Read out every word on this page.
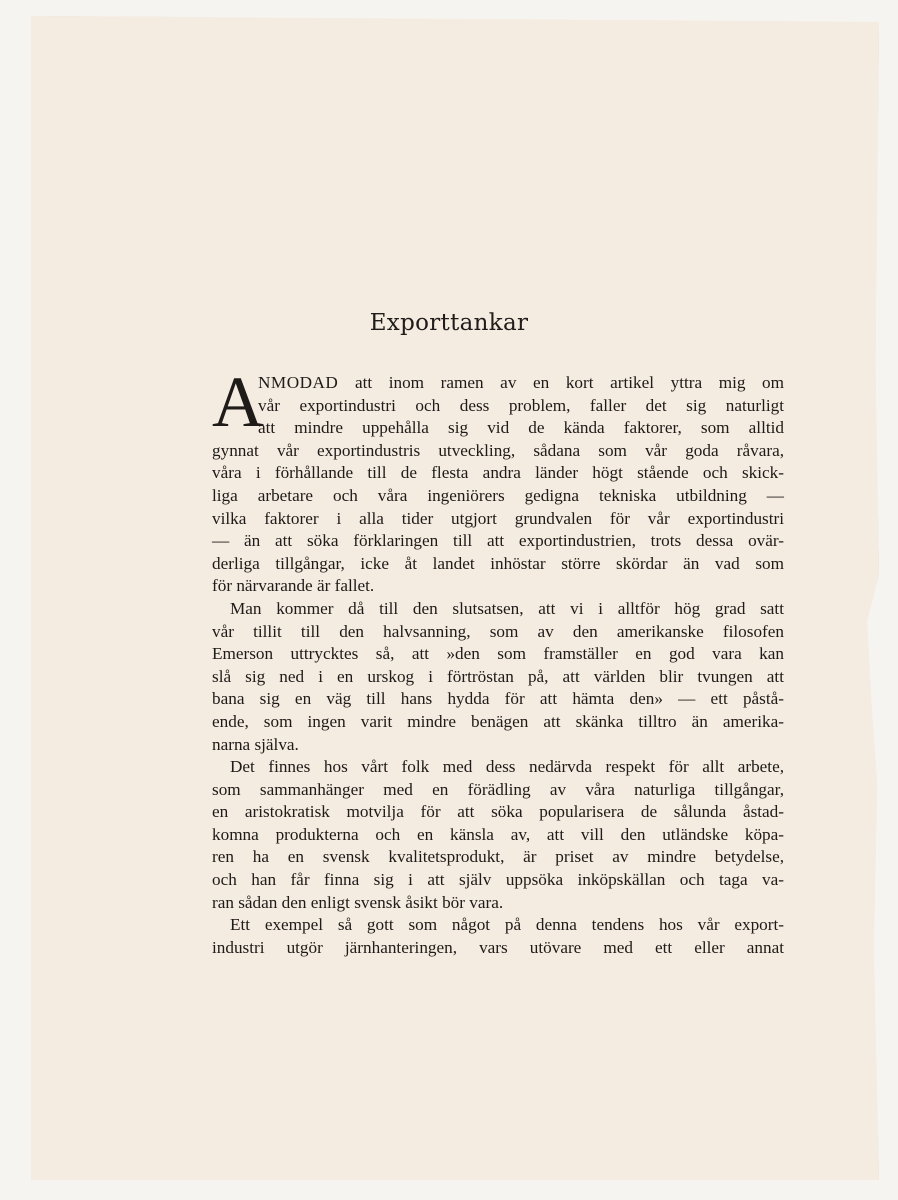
Exporttankar
A
NMODAD att inom ramen av en kort artikel yttra mig om
vår exportindustri och dess problem, faller det sig naturligt
att mindre uppehålla sig vid de kända faktorer, som alltid
gynnat vår exportindustris utveckling, sådana som vår goda råvara,
våra i förhållande till de flesta andra länder högt stående och skick-
liga arbetare och våra ingeniörers gedigna tekniska utbildning —
vilka faktorer i alla tider utgjort grundvalen för vår exportindustri
— än att söka förklaringen till att exportindustrien, trots dessa ovär-
derliga tillgångar, icke åt landet inhöstar större skördar än vad som
för närvarande är fallet.
Man kommer då till den slutsatsen, att vi i alltför hög grad satt
vår tillit till den halvsanning, som av den amerikanske filosofen
Emerson uttrycktes så, att »den som framställer en god vara kan
slå sig ned i en urskog i förtröstan på, att världen blir tvungen att
bana sig en väg till hans hydda för att hämta den» — ett påstå-
ende, som ingen varit mindre benägen att skänka tilltro än amerika-
narna själva.
Det finnes hos vårt folk med dess nedärvda respekt för allt arbete,
som sammanhänger med en förädling av våra naturliga tillgångar,
en aristokratisk motvilja för att söka popularisera de sålunda åstad-
komna produkterna och en känsla av, att vill den utländske köpa-
ren ha en svensk kvalitetsprodukt, är priset av mindre betydelse,
och han får finna sig i att själv uppsöka inköpskällan och taga va-
ran sådan den enligt svensk åsikt bör vara.
Ett exempel så gott som något på denna tendens hos vår export-
industri utgör järnhanteringen, vars utövare med ett eller annat
